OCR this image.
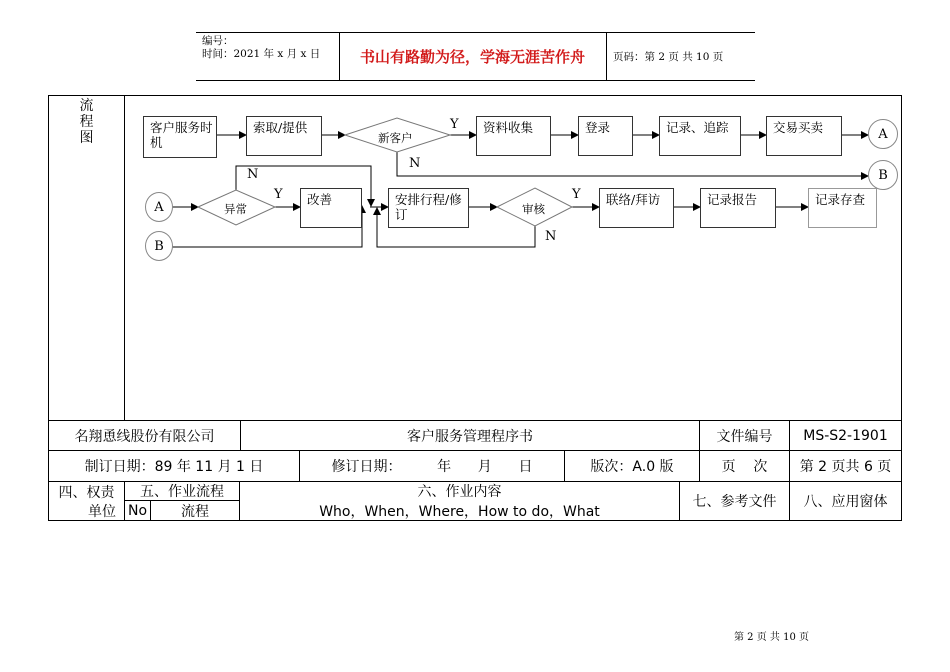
编号：
时间：2021 年 x 月 x 日	书山有路勤为径，学海无涯苦作舟	页码：第 2 页 共 10 页
流
程
图
名翔恿线股份有限公司	客户服务管理程序书	文件编号	MS-S2-1901
制订日期：89 年 11 月 1 日	修订日期：        年      月      日	版次：A.0 版	页    次	第 2 页共 6 页
四、权责
单位
五、作业流程
No	流程
六、作业内容
Who，When，Where，How to do，What
七、参考文件	八、应用窗体
客户服务时机
索取/提供	资料收集	登录	记录、追踪	交易买卖
改善	安排行程/修订
联络/拜访	记录报告	记录存查
新客户
异常	审核
Y
N
N
Y	Y
N
A
B
A
B
第 2 页 共 10 页
